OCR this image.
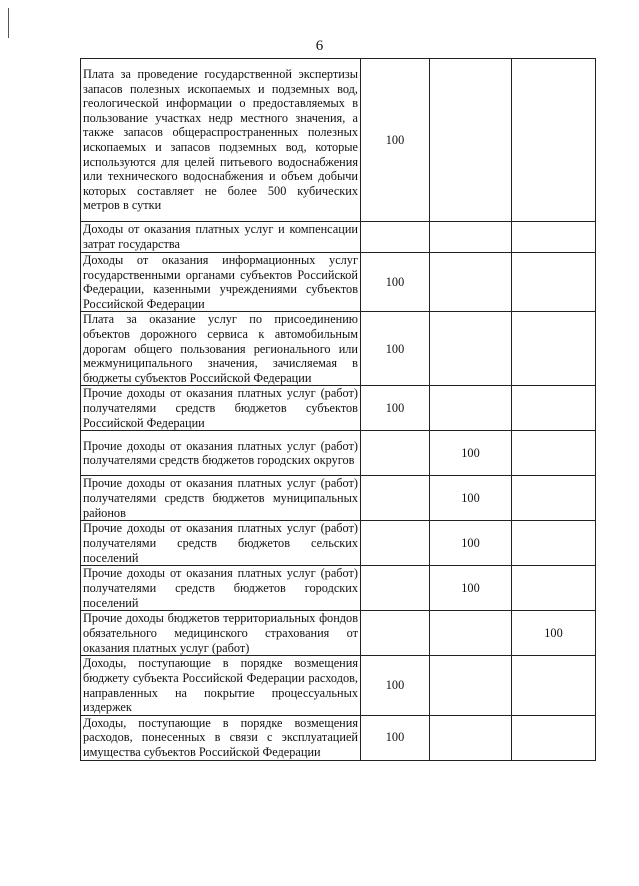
6
Плата за проведение государственной экспертизы запасов полезных ископаемых и подземных вод, геологической информации о предоставляемых в пользование участках недр местного значения, а также запасов общераспространенных полезных ископаемых и запасов подземных вод, которые используются для целей питьевого водоснабжения или технического водоснабжения и объем добычи которых составляет не более 500 кубических метров в сутки	100		
Доходы от оказания платных услуг и компенсации затрат государства			
Доходы от оказания информационных услуг государственными органами субъектов Российской Федерации, казенными учреждениями субъектов Российской Федерации	100		
Плата за оказание услуг по присоединению объектов дорожного сервиса к автомобильным дорогам общего пользования регионального или межмуниципального значения, зачисляемая в бюджеты субъектов Российской Федерации	100		
Прочие доходы от оказания платных услуг (работ) получателями средств бюджетов субъектов Российской Федерации	100		
Прочие доходы от оказания платных услуг (работ) получателями средств бюджетов городских округов		100	
Прочие доходы от оказания платных услуг (работ) получателями средств бюджетов муниципальных районов		100	
Прочие доходы от оказания платных услуг (работ) получателями средств бюджетов сельских поселений		100	
Прочие доходы от оказания платных услуг (работ) получателями средств бюджетов городских поселений		100	
Прочие доходы бюджетов территориальных фондов обязательного медицинского страхования от оказания платных услуг (работ)			100
Доходы, поступающие в порядке возмещения бюджету субъекта Российской Федерации расходов, направленных на покрытие процессуальных издержек	100		
Доходы, поступающие в порядке возмещения расходов, понесенных в связи с эксплуатацией имущества субъектов Российской Федерации	100		
